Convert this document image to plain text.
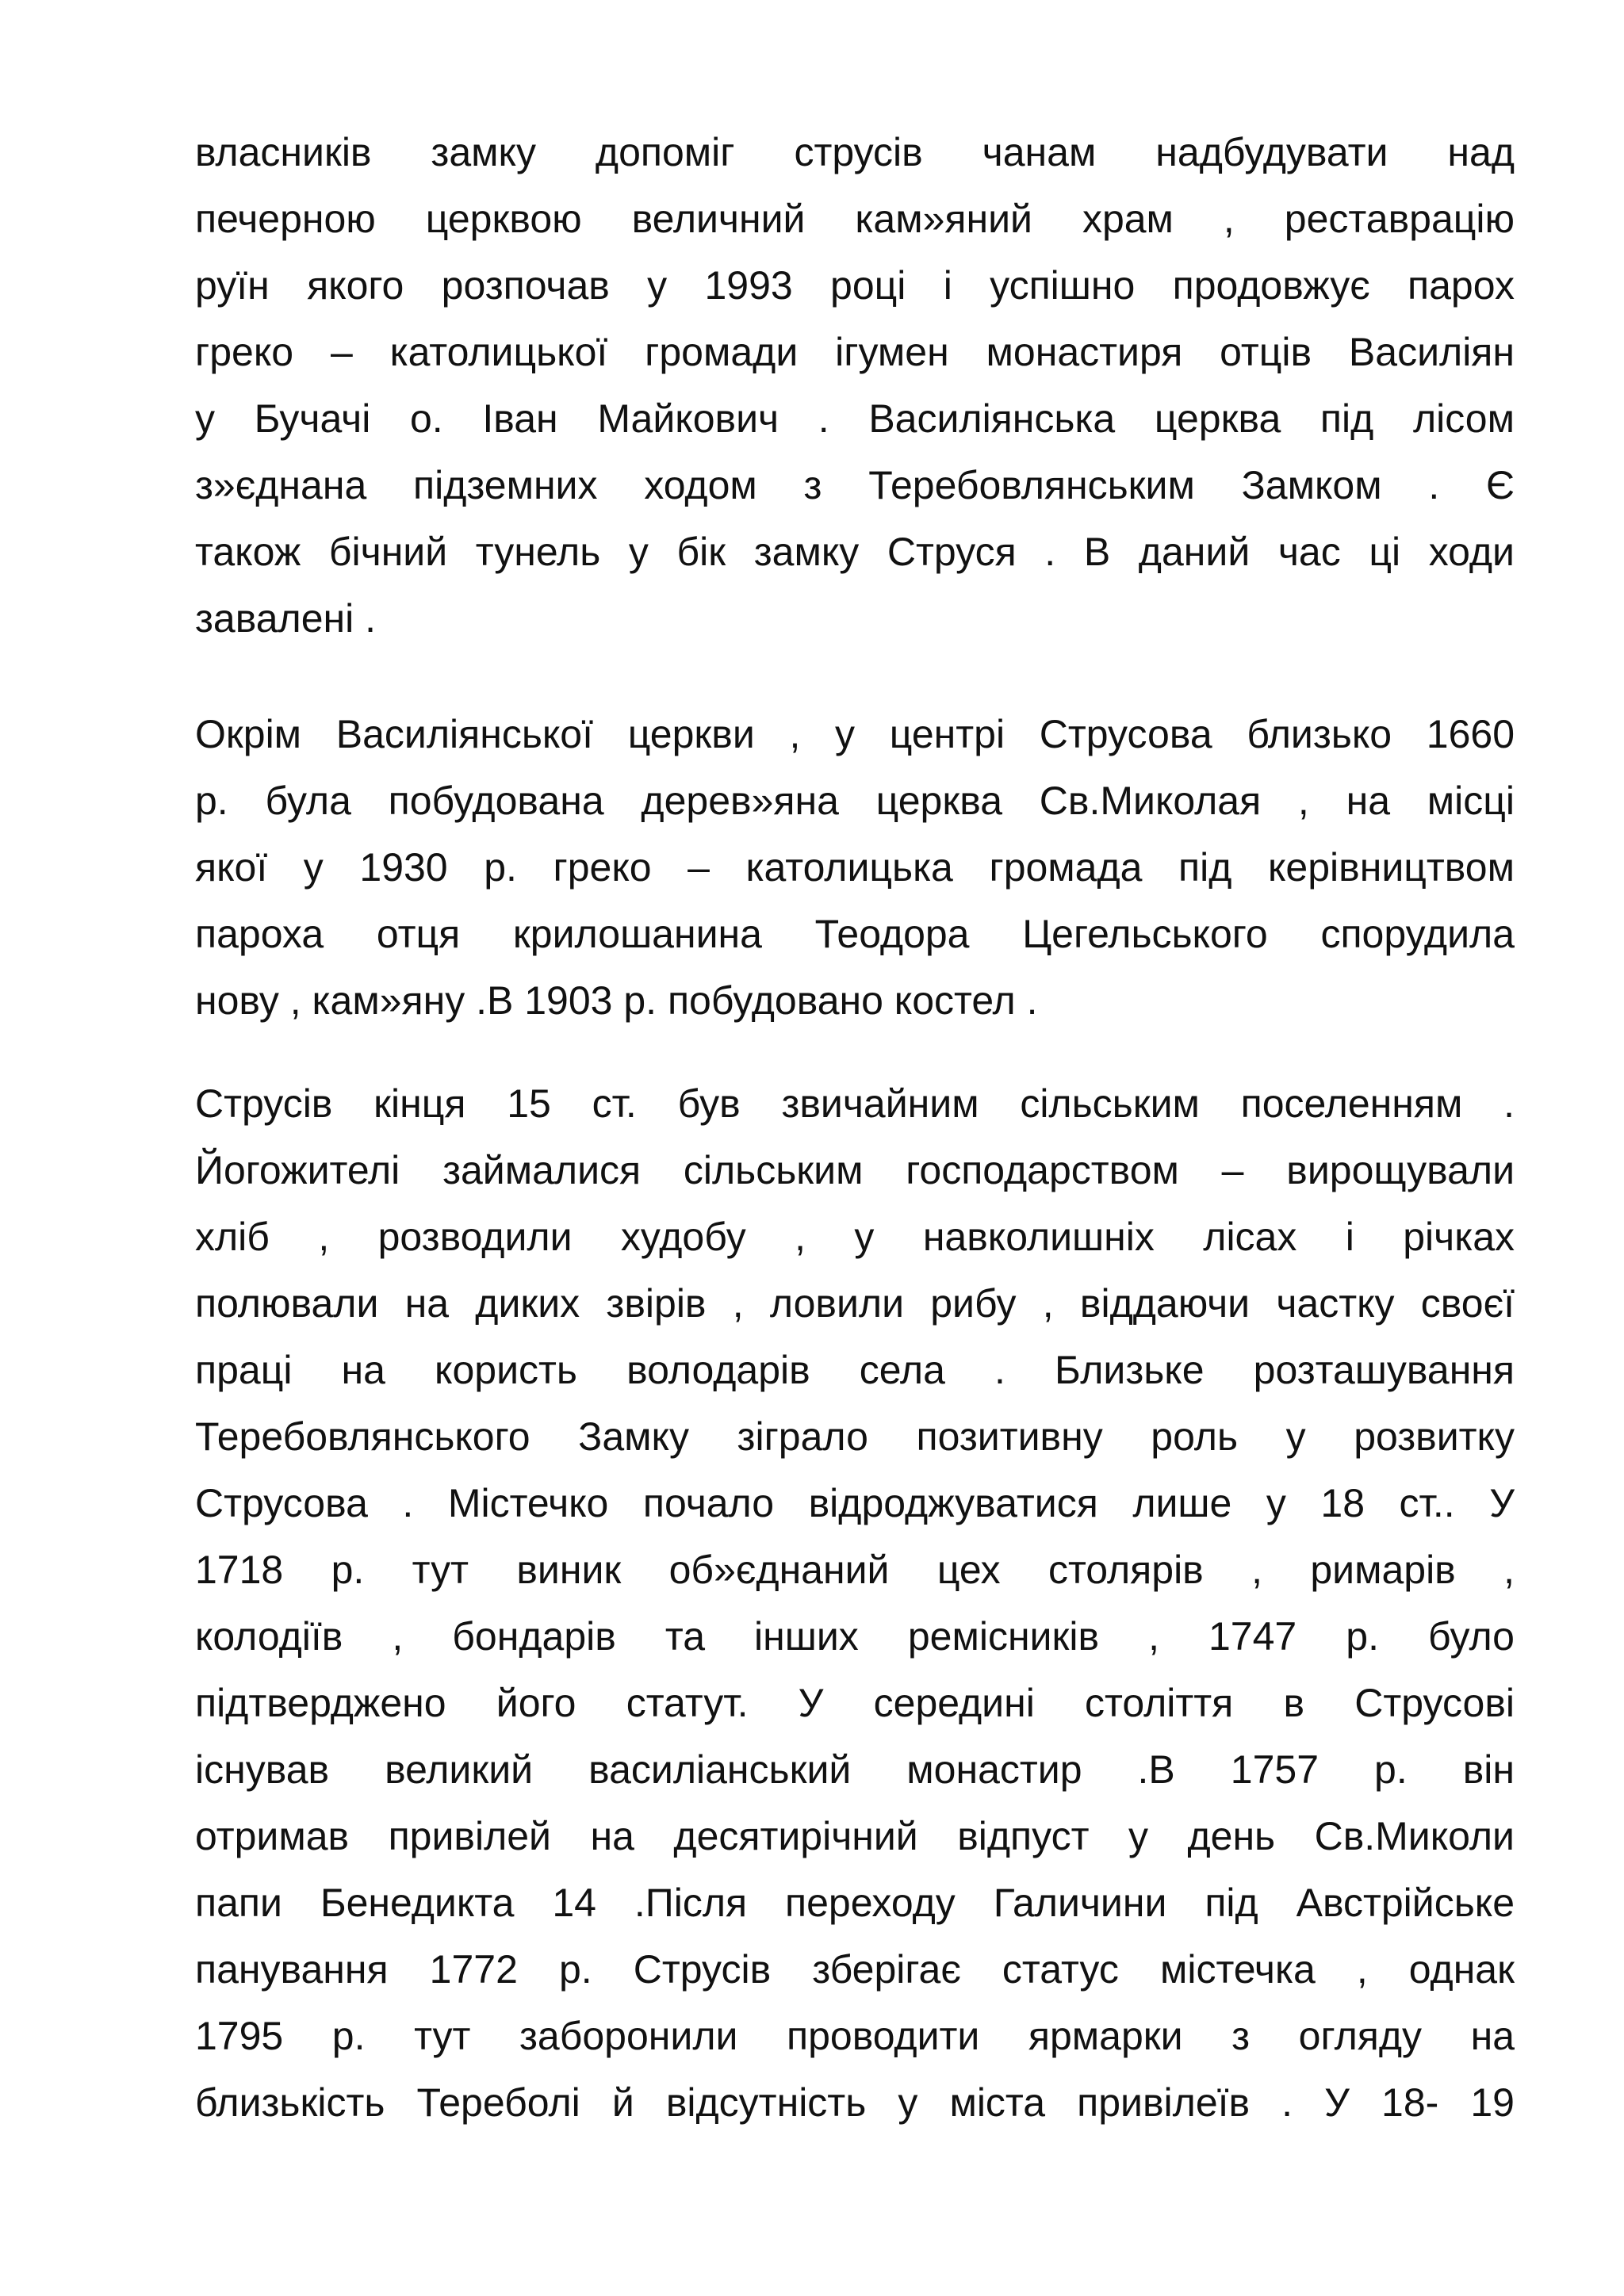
власників замку допоміг струсів чанам надбудувати над
печерною церквою величний кам»яний храм , реставрацію
руїн якого розпочав у 1993 році і успішно продовжує парох
греко – католицької громади ігумен монастиря отців Василіян
у Бучачі о. Іван Майкович . Василіянська церква під лісом
з»єднана підземних ходом з Теребовлянським Замком . Є
також бічний тунель у бік замку Струся . В даний час ці ходи
завалені .
Окрім Василіянської церкви , у центрі Струсова близько 1660
р. була побудована дерев»яна церква Св.Миколая , на місці
якої у 1930 р. греко – католицька громада під керівництвом
пароха отця крилошанина Теодора Цегельського спорудила
нову , кам»яну .В 1903 р. побудовано костел .
Струсів кінця 15 ст. був звичайним сільським поселенням .
Йогожителі займалися сільським господарством – вирощували
хліб , розводили худобу , у навколишніх лісах і річках
полювали на диких звірів , ловили рибу , віддаючи частку своєї
праці на користь володарів села . Близьке розташування
Теребовлянського Замку зіграло позитивну роль у розвитку
Струсова . Містечко почало відроджуватися лише у 18 ст.. У
1718 р. тут виник об»єднаний цех столярів , римарів ,
колодіїв , бондарів та інших ремісників , 1747 р. було
підтверджено його статут. У середині століття в Струсові
існував великий василіанський монастир .В 1757 р. він
отримав привілей на десятирічний відпуст у день Св.Миколи
папи Бенедикта 14 .Після переходу Галичини під Австрійське
панування 1772 р. Струсів зберігає статус містечка , однак
1795 р. тут заборонили проводити ярмарки з огляду на
близькість Тереболі й відсутність у міста привілеїв . У 18- 19
